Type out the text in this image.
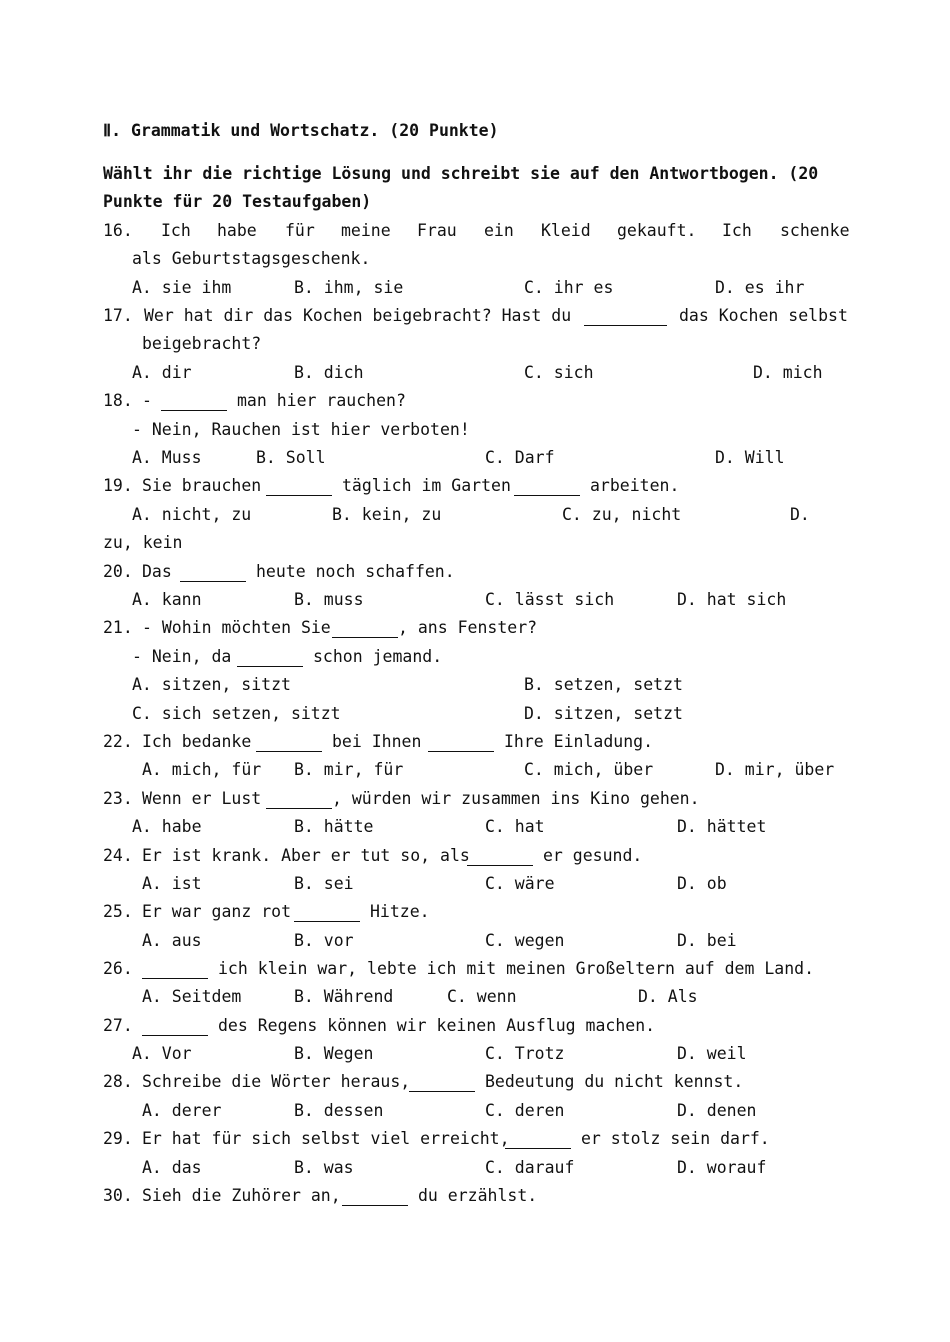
Ⅱ. Grammatik und Wortschatz. (20 Punkte)
Wählt ihr die richtige Lösung und schreibt sie auf den Antwortbogen. (20
Punkte für 20 Testaufgaben)
16. Ich habe für meine Frau ein Kleid gekauft. Ich schenke
als Geburtstagsgeschenk.
A. sie ihm	B. ihm, sie	C. ihr es	D. es ihr
17. Wer hat dir das Kochen beigebracht? Hast du	das Kochen selbst
beigebracht?
A. dir	B. dich	C. sich	D. mich
18. -	man hier rauchen?
- Nein, Rauchen ist hier verboten!
A. Muss	B. Soll	C. Darf	D. Will
19. Sie brauchen	täglich im Garten	arbeiten.
A. nicht, zu	B. kein, zu	C. zu, nicht	D.
zu, kein
20. Das	heute noch schaffen.
A. kann	B. muss	C. lässt sich	D. hat sich
21. - Wohin möchten Sie	, ans Fenster?
- Nein, da	schon jemand.
A. sitzen, sitzt	B. setzen, setzt
C. sich setzen, sitzt	D. sitzen, setzt
22. Ich bedanke	bei Ihnen	Ihre Einladung.
A. mich, für B. mir, für	C. mich, über	D. mir, über
23. Wenn er Lust	, würden wir zusammen ins Kino gehen.
A. habe	B. hätte	C. hat	D. hättet
24. Er ist krank. Aber er tut so, als	er gesund.
A. ist	B. sei	C. wäre	D. ob
25. Er war ganz rot	Hitze.
A. aus	B. vor	C. wegen	D. bei
26.	ich klein war, lebte ich mit meinen Großeltern auf dem Land.
A. Seitdem	B. Während	C. wenn	D. Als
27.	des Regens können wir keinen Ausflug machen.
A. Vor	B. Wegen	C. Trotz	D. weil
28. Schreibe die Wörter heraus,	Bedeutung du nicht kennst.
A. derer	B. dessen	C. deren	D. denen
29. Er hat für sich selbst viel erreicht,	er stolz sein darf.
A. das	B. was	C. darauf	D. worauf
30. Sieh die Zuhörer an,	du erzählst.
